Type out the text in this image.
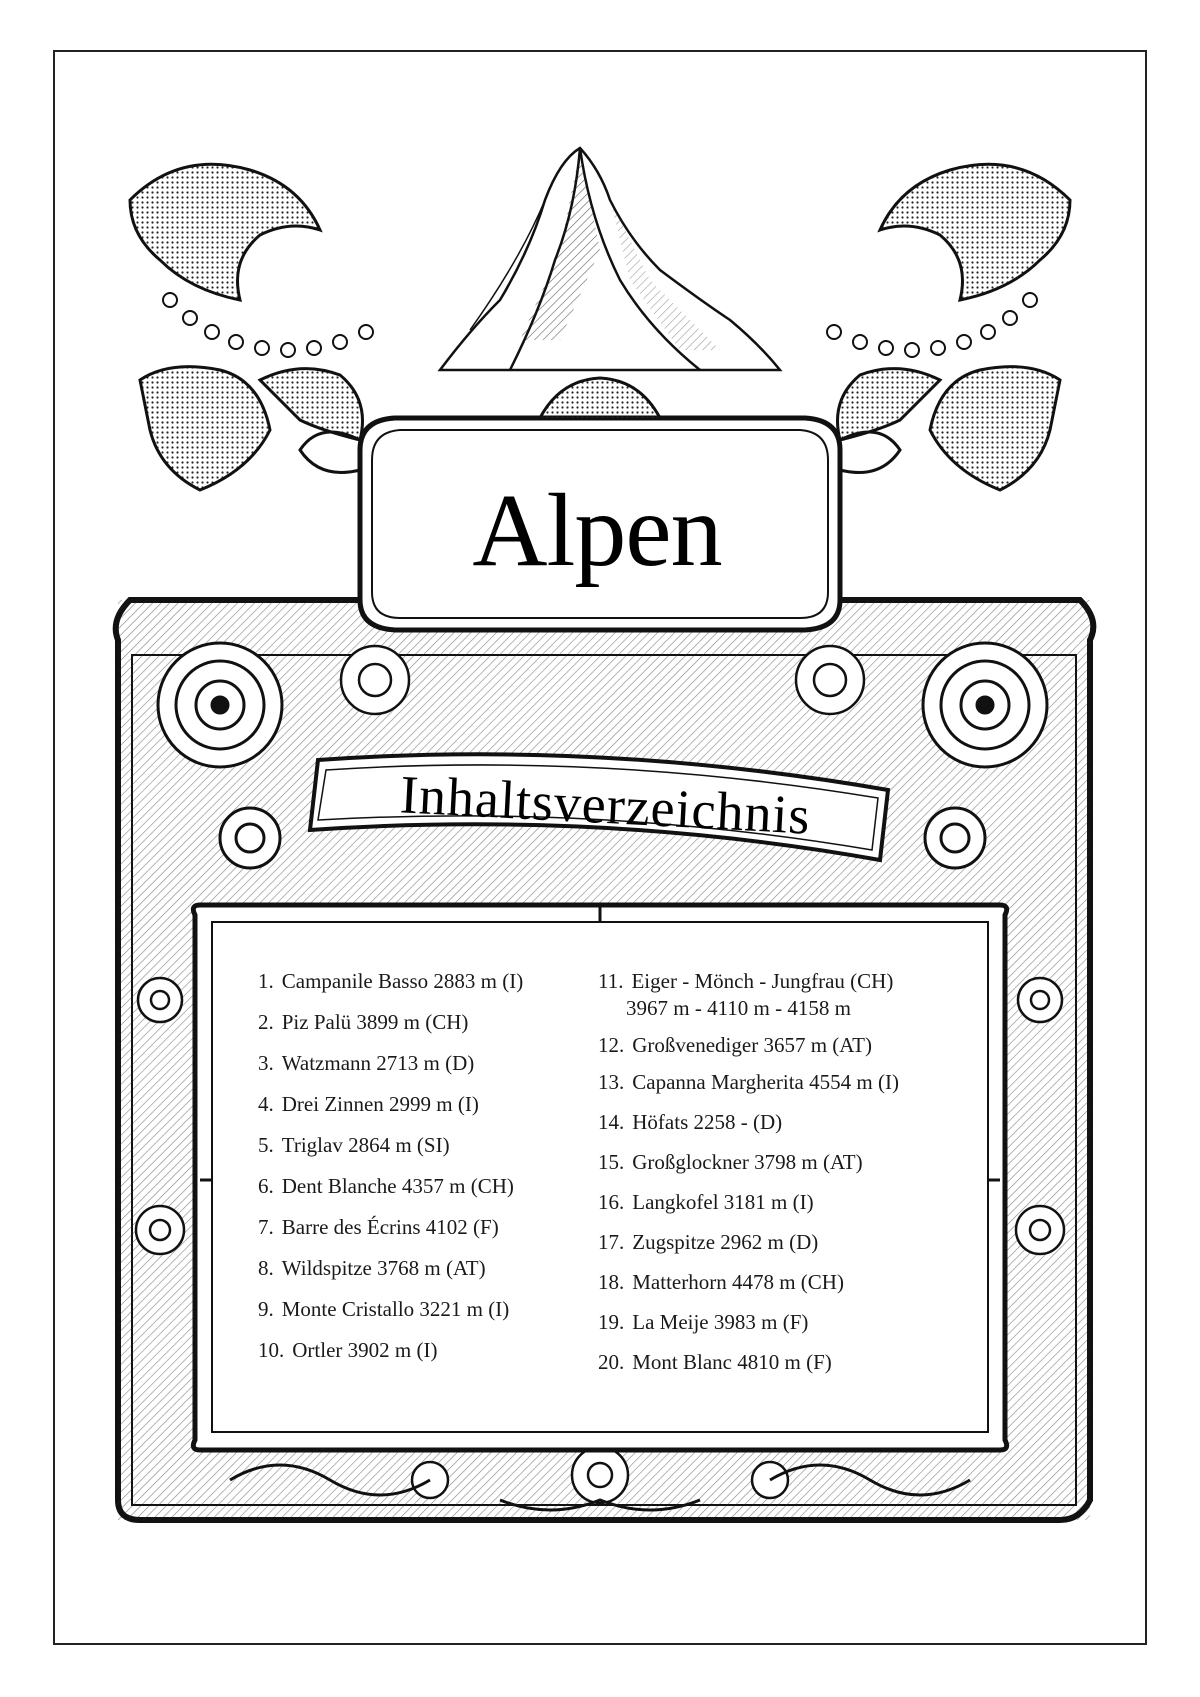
Alpen
Inhaltsverzeichnis
1. Campanile Basso 2883 m (I)
2. Piz Palü 3899 m (CH)
3. Watzmann 2713 m (D)
4. Drei Zinnen 2999 m (I)
5. Triglav 2864 m (SI)
6. Dent Blanche 4357 m (CH)
7. Barre des Écrins 4102 (F)
8. Wildspitze 3768 m (AT)
9. Monte Cristallo 3221 m (I)
10. Ortler 3902 m (I)
11. Eiger - Mönch - Jungfrau (CH)
3967 m - 4110 m - 4158 m
12. Großvenediger 3657 m (AT)
13. Capanna Margherita 4554 m (I)
14. Höfats 2258 - (D)
15. Großglockner 3798 m (AT)
16. Langkofel 3181 m (I)
17. Zugspitze 2962 m (D)
18. Matterhorn 4478 m (CH)
19. La Meije 3983 m (F)
20. Mont Blanc 4810 m (F)
